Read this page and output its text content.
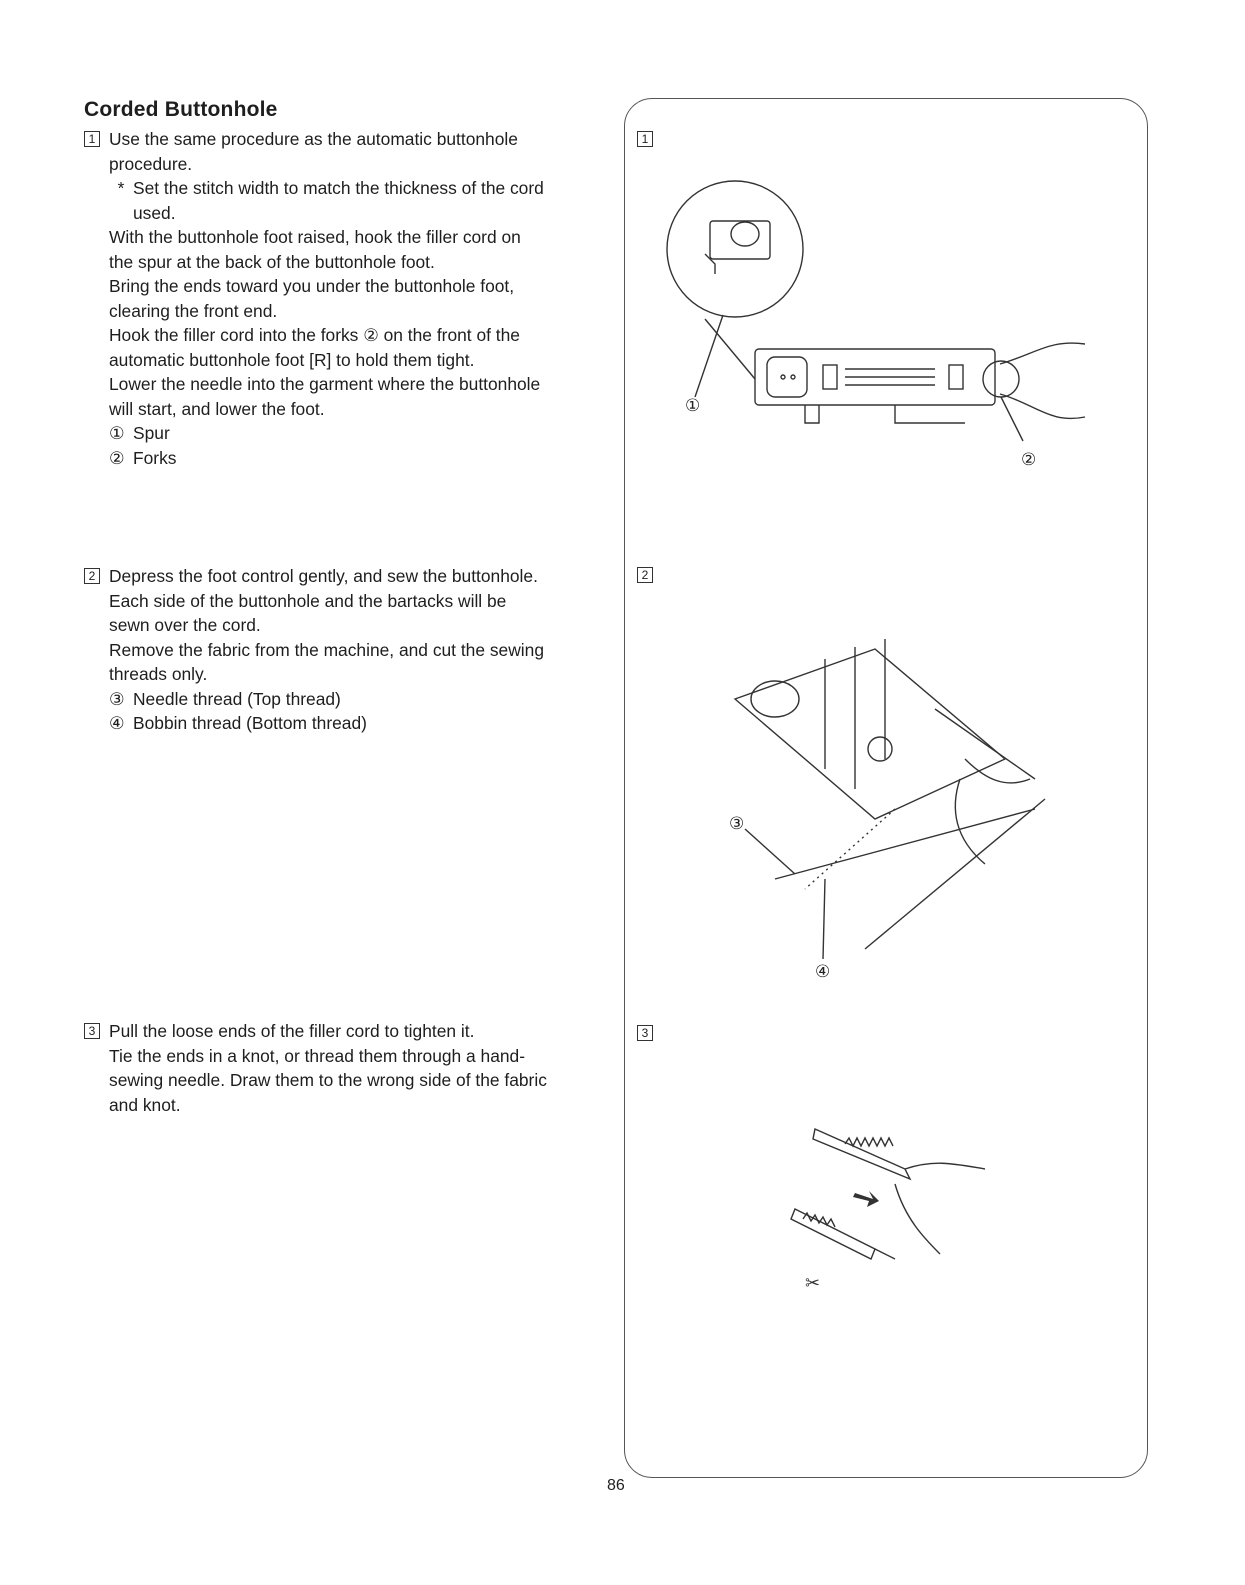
Corded Buttonhole
1 Use the same procedure as the automatic buttonhole
procedure.
* Set the stitch width to match the thickness of the cord
used.
With the buttonhole foot raised, hook the filler cord on
the spur at the back of the buttonhole foot.
Bring the ends toward you under the buttonhole foot,
clearing the front end.
Hook the filler cord into the forks ② on the front of the
automatic buttonhole foot [R] to hold them tight.
Lower the needle into the garment where the buttonhole
will start, and lower the foot.
① Spur
② Forks
2 Depress the foot control gently, and sew the buttonhole.
Each side of the buttonhole and the bartacks will be
sewn over the cord.
Remove the fabric from the machine, and cut the sewing
threads only.
③ Needle thread (Top thread)
④ Bobbin thread (Bottom thread)
3 Pull the loose ends of the filler cord to tighten it.
Tie the ends in a knot, or thread them through a hand-
sewing needle. Draw them to the wrong side of the fabric
and knot.
1
2
3
①
②
③
④
✂
86
